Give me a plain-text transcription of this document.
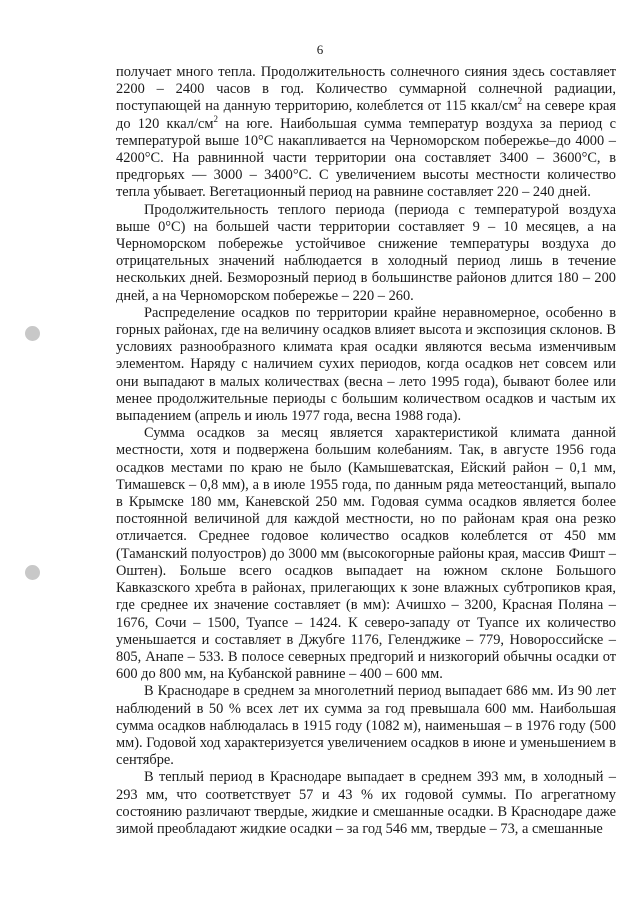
6

получает много тепла. Продолжительность солнечного сияния здесь составляет 2200 – 2400 часов в год. Количество суммарной солнечной радиации, поступающей на данную территорию, колеблется от 115 ккал/$см^2$ на севере края до 120 ккал/$см^2$ на юге. Наибольшая сумма температур воздуха за период с температурой выше 10°С накапливается на Черноморском побережье–до 4000 – 4200°С. На равнинной части территории она составляет 3400 – 3600°С, в предгорьях — 3000 – 3400°С. С увеличением высоты местности количество тепла убывает. Вегетационный период на равнине составляет 220 – 240 дней.

Продолжительность теплого периода (периода с температурой воздуха выше 0°С) на большей части территории составляет 9 – 10 месяцев, а на Черноморском побережье устойчивое снижение температуры воздуха до отрицательных значений наблюдается в холодный период лишь в течение нескольких дней. Безморозный период в большинстве районов длится 180 – 200 дней, а на Черноморском побережье – 220 – 260.

Распределение осадков по территории крайне неравномерное, особенно в горных районах, где на величину осадков влияет высота и экспозиция склонов. В условиях разнообразного климата края осадки являются весьма изменчивым элементом. Наряду с наличием сухих периодов, когда осадков нет совсем или они выпадают в малых количествах (весна – лето 1995 года), бывают более или менее продолжительные периоды с большим количеством осадков и частым их выпадением (апрель и июль 1977 года, весна 1988 года).

Сумма осадков за месяц является характеристикой климата данной местности, хотя и подвержена большим колебаниям. Так, в августе 1956 года осадков местами по краю не было (Камышеватская, Ейский район – 0,1 мм, Тимашевск – 0,8 мм), а в июле 1955 года, по данным ряда метеостанций, выпало в Крымске 180 мм, Каневской 250 мм. Годовая сумма осадков является более постоянной величиной для каждой местности, но по районам края она резко отличается. Среднее годовое количество осадков колеблется от 450 мм (Таманский полуостров) до 3000 мм (высокогорные районы края, массив Фишт – Оштен). Больше всего осадков выпадает на южном склоне Большого Кавказского хребта в районах, прилегающих к зоне влажных субтропиков края, где среднее их значение составляет (в мм): Ачишхо – 3200, Красная Поляна – 1676, Сочи – 1500, Туапсе – 1424. К северо-западу от Туапсе их количество уменьшается и составляет в Джубге 1176, Геленджике – 779, Новороссийске – 805, Анапе – 533. В полосе северных предгорий и низкогорий обычны осадки от 600 до 800 мм, на Кубанской равнине – 400 – 600 мм.

В Краснодаре в среднем за многолетний период выпадает 686 мм. Из 90 лет наблюдений в 50 % всех лет их сумма за год превышала 600 мм. Наибольшая сумма осадков наблюдалась в 1915 году (1082 м), наименьшая – в 1976 году (500 мм). Годовой ход характеризуется увеличением осадков в июне и уменьшением в сентябре.

В теплый период в Краснодаре выпадает в среднем 393 мм, в холодный – 293 мм, что соответствует 57 и 43 % их годовой суммы. По агрегатному состоянию различают твердые, жидкие и смешанные осадки. В Краснодаре даже зимой преобладают жидкие осадки – за год 546 мм, твердые – 73, а смешанные
